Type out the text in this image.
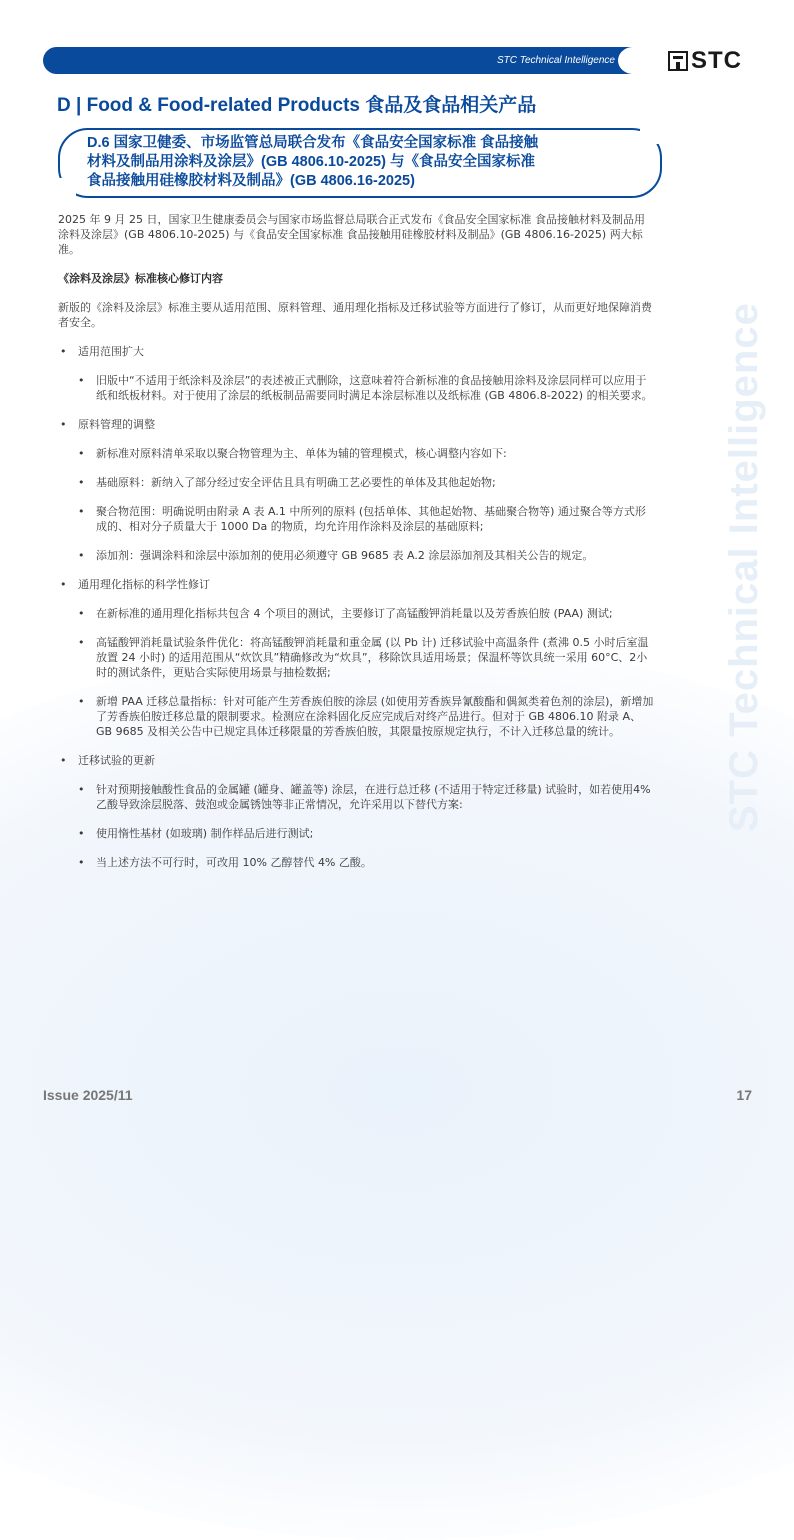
STC Technical Intelligence
STC Technical Intelligence	STC
D | Food & Food-related Products 食品及食品相关产品
D.6 国家卫健委、市场监管总局联合发布《食品安全国家标准 食品接触
材料及制品用涂料及涂层》(GB 4806.10-2025) 与《食品安全国家标准
食品接触用硅橡胶材料及制品》(GB 4806.16-2025)

2025 年 9 月 25 日，国家卫生健康委员会与国家市场监督总局联合正式发布《食品安全国家标准 食品接触材料及制品用涂料及涂层》(GB 4806.10-2025) 与《食品安全国家标准 食品接触用硅橡胶材料及制品》(GB 4806.16-2025) 两大标准。

《涂料及涂层》标准核心修订内容

新版的《涂料及涂层》标准主要从适用范围、原料管理、通用理化指标及迁移试验等方面进行了修订，从而更好地保障消费者安全。

• 适用范围扩大
• 旧版中“不适用于纸涂料及涂层”的表述被正式删除，这意味着符合新标准的食品接触用涂料及涂层同样可以应用于纸和纸板材料。对于使用了涂层的纸板制品需要同时满足本涂层标准以及纸标准 (GB 4806.8-2022) 的相关要求。
• 原料管理的调整
• 新标准对原料清单采取以聚合物管理为主、单体为辅的管理模式，核心调整内容如下:
• 基础原料：新纳入了部分经过安全评估且具有明确工艺必要性的单体及其他起始物;
• 聚合物范围：明确说明由附录 A 表 A.1 中所列的原料 (包括单体、其他起始物、基础聚合物等) 通过聚合等方式形成的、相对分子质量大于 1000 Da 的物质，均允许用作涂料及涂层的基础原料;
• 添加剂：强调涂料和涂层中添加剂的使用必须遵守 GB 9685 表 A.2 涂层添加剂及其相关公告的规定。
• 通用理化指标的科学性修订
• 在新标准的通用理化指标共包含 4 个项目的测试，主要修订了高锰酸钾消耗量以及芳香族伯胺 (PAA) 测试;
• 高锰酸钾消耗量试验条件优化：将高锰酸钾消耗量和重金属 (以 Pb 计) 迁移试验中高温条件 (煮沸 0.5 小时后室温放置 24 小时) 的适用范围从“炊饮具”精确修改为“炊具”，移除饮具适用场景；保温杯等饮具统一采用 60°C、2小时的测试条件，更贴合实际使用场景与抽检数据;
• 新增 PAA 迁移总量指标：针对可能产生芳香族伯胺的涂层 (如使用芳香族异氰酸酯和偶氮类着色剂的涂层)，新增加了芳香族伯胺迁移总量的限制要求。检测应在涂料固化反应完成后对终产品进行。但对于 GB 4806.10 附录 A、GB 9685 及相关公告中已规定具体迁移限量的芳香族伯胺，其限量按原规定执行，不计入迁移总量的统计。
• 迁移试验的更新
• 针对预期接触酸性食品的金属罐 (罐身、罐盖等) 涂层，在进行总迁移 (不适用于特定迁移量) 试验时，如若使用4%乙酸导致涂层脱落、鼓泡或金属锈蚀等非正常情况，允许采用以下替代方案:
• 使用惰性基材 (如玻璃) 制作样品后进行测试;
• 当上述方法不可行时，可改用 10% 乙醇替代 4% 乙酸。
Issue 2025/11	17
